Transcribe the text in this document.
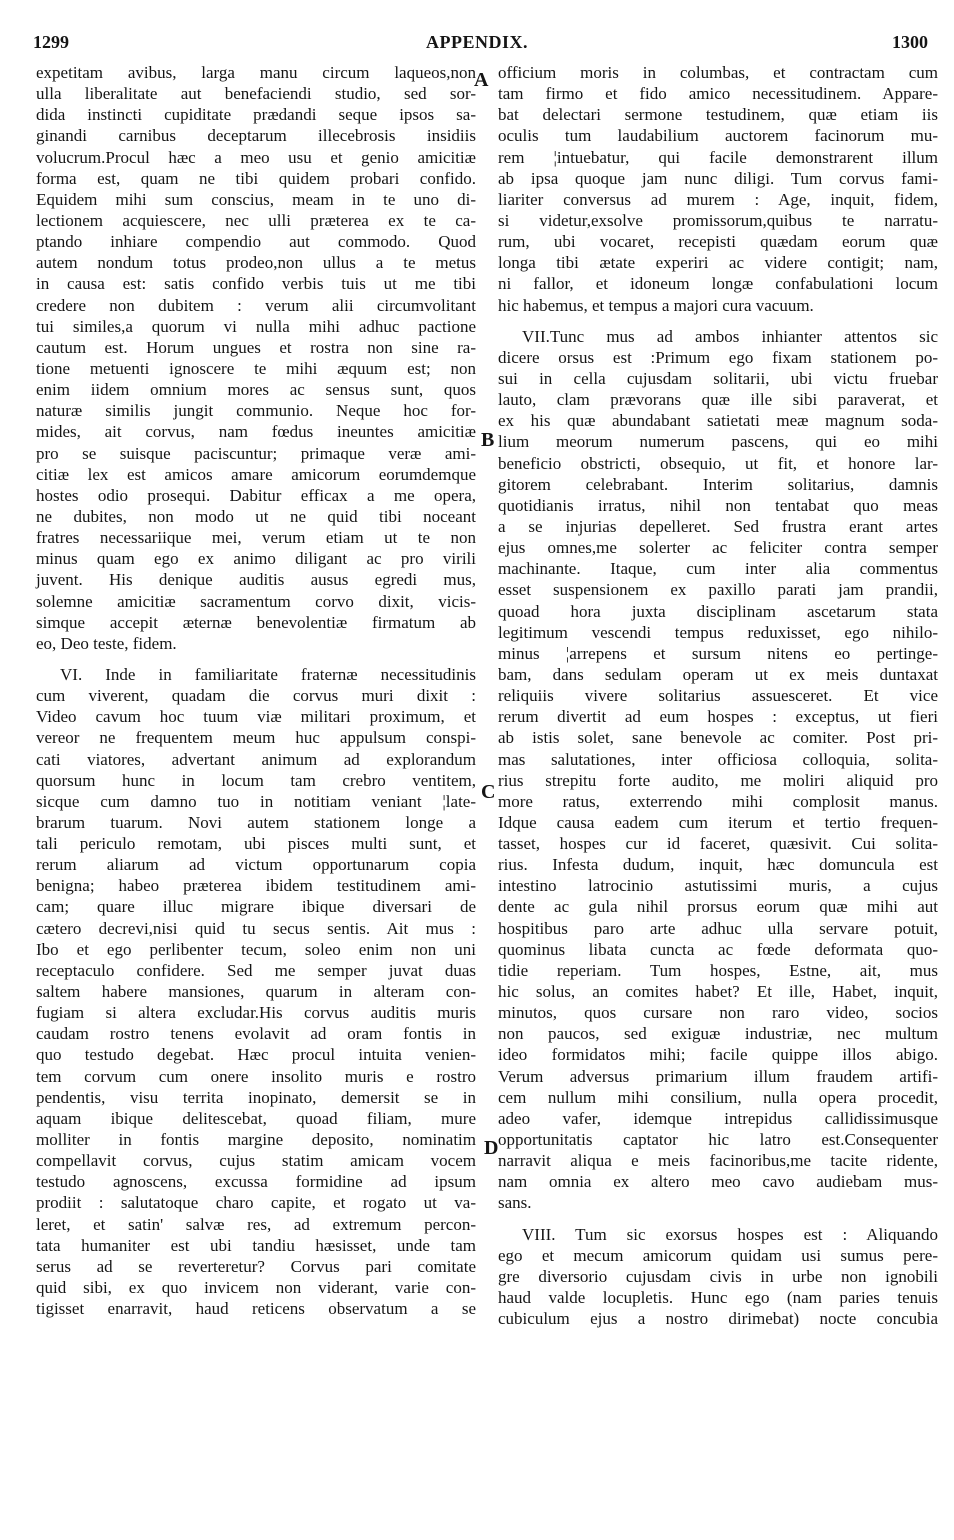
1299	APPENDIX.	1300
A
B
C
D
expetitam avibus, larga manu circum laqueos,non
ulla liberalitate aut benefaciendi studio, sed sor-
dida instincti cupiditate prædandi seque ipsos sa-
ginandi carnibus deceptarum illecebrosis insidiis
volucrum.Procul hæc a meo usu et genio amicitiæ
forma est, quam ne tibi quidem probari confido.
Equidem mihi sum conscius, meam in te uno di-
lectionem acquiescere, nec ulli præterea ex te ca-
ptando inhiare compendio aut commodo. Quod
autem nondum totus prodeo,non ullus a te metus
in causa est: satis confido verbis tuis ut me tibi
credere non dubitem : verum alii circumvolitant
tui similes,a quorum vi nulla mihi adhuc pactione
cautum est. Horum ungues et rostra non sine ra-
tione metuenti ignoscere te mihi æquum est; non
enim iidem omnium mores ac sensus sunt, quos
naturæ similis jungit communio. Neque hoc for-
mides, ait corvus, nam fœdus ineuntes amicitiæ
pro se suisque paciscuntur; primaque veræ ami-
citiæ lex est amicos amare amicorum eorumdemque
hostes odio prosequi. Dabitur efficax a me opera,
ne dubites, non modo ut ne quid tibi noceant
fratres necessariique mei, verum etiam ut te non
minus quam ego ex animo diligant ac pro virili
juvent. His denique auditis ausus egredi mus,
solemne amicitiæ sacramentum corvo dixit, vicis-
simque accepit æternæ benevolentiæ firmatum ab
eo, Deo teste, fidem.
VI. Inde in familiaritate fraternæ necessitudinis
cum viverent, quadam die corvus muri dixit :
Video cavum hoc tuum viæ militari proximum, et
vereor ne frequentem meum huc appulsum conspi-
cati viatores, advertant animum ad explorandum
quorsum hunc in locum tam crebro ventitem,
sicque cum damno tuo in notitiam veniant ¦late-
brarum tuarum. Novi autem stationem longe a
tali periculo remotam, ubi pisces multi sunt, et
rerum aliarum ad victum opportunarum copia
benigna; habeo præterea ibidem testitudinem ami-
cam; quare illuc migrare ibique diversari de
cætero decrevi,nisi quid tu secus sentis. Ait mus :
Ibo et ego perlibenter tecum, soleo enim non uni
receptaculo confidere. Sed me semper juvat duas
saltem habere mansiones, quarum in alteram con-
fugiam si altera excludar.His corvus auditis muris
caudam rostro tenens evolavit ad oram fontis in
quo testudo degebat. Hæc procul intuita venien-
tem corvum cum onere insolito muris e rostro
pendentis, visu territa inopinato, demersit se in
aquam ibique delitescebat, quoad filiam, mure
molliter in fontis margine deposito, nominatim
compellavit corvus, cujus statim amicam vocem
testudo agnoscens, excussa formidine ad ipsum
prodiit : salutatoque charo capite, et rogato ut va-
leret, et satin' salvæ res, ad extremum percon-
tata humaniter est ubi tandiu hæsisset, unde tam
serus ad se reverteretur? Corvus pari comitate
quid sibi, ex quo invicem non viderant, varie con-
tigisset enarravit, haud reticens observatum a se
officium moris in columbas, et contractam cum
tam firmo et fido amico necessitudinem. Appare-
bat delectari sermone testudinem, quæ etiam iis
oculis tum laudabilium auctorem facinorum mu-
rem ¦intuebatur, qui facile demonstrarent illum
ab ipsa quoque jam nunc diligi. Tum corvus fami-
liariter conversus ad murem : Age, inquit, fidem,
si videtur,exsolve promissorum,quibus te narratu-
rum, ubi vocaret, recepisti quædam eorum quæ
longa tibi ætate experiri ac videre contigit; nam,
ni fallor, et idoneum longæ confabulationi locum
hic habemus, et tempus a majori cura vacuum.
VII.Tunc mus ad ambos inhianter attentos sic
dicere orsus est :Primum ego fixam stationem po-
sui in cella cujusdam solitarii, ubi victu fruebar
lauto, clam prævorans quæ ille sibi paraverat, et
ex his quæ abundabant satietati meæ magnum soda-
lium meorum numerum pascens, qui eo mihi
beneficio obstricti, obsequio, ut fit, et honore lar-
gitorem celebrabant. Interim solitarius, damnis
quotidianis irratus, nihil non tentabat quo meas
a se injurias depelleret. Sed frustra erant artes
ejus omnes,me solerter ac feliciter contra semper
machinante. Itaque, cum inter alia commentus
esset suspensionem ex paxillo parati jam prandii,
quoad hora juxta disciplinam ascetarum stata
legitimum vescendi tempus reduxisset, ego nihilo-
minus ¦arrepens et sursum nitens eo pertinge-
bam, dans sedulam operam ut ex meis duntaxat
reliquiis vivere solitarius assuesceret. Et vice
rerum divertit ad eum hospes : exceptus, ut fieri
ab istis solet, sane benevole ac comiter. Post pri-
mas salutationes, inter officiosa colloquia, solita-
rius strepitu forte audito, me moliri aliquid pro
more ratus, exterrendo mihi complosit manus.
Idque causa eadem cum iterum et tertio frequen-
tasset, hospes cur id faceret, quæsivit. Cui solita-
rius. Infesta dudum, inquit, hæc domuncula est
intestino latrocinio astutissimi muris, a cujus
dente ac gula nihil prorsus eorum quæ mihi aut
hospitibus paro arte adhuc ulla servare potuit,
quominus libata cuncta ac fœde deformata quo-
tidie reperiam. Tum hospes, Estne, ait, mus
hic solus, an comites habet? Et ille, Habet, inquit,
minutos, quos cursare non raro video, socios
non paucos, sed exiguæ industriæ, nec multum
ideo formidatos mihi; facile quippe illos abigo.
Verum adversus primarium illum fraudem artifi-
cem nullum mihi consilium, nulla opera procedit,
adeo vafer, idemque intrepidus callidissimusque
opportunitatis captator hic latro est.Consequenter
narravit aliqua e meis facinoribus,me tacite ridente,
nam omnia ex altero meo cavo audiebam mus-
sans.
VIII. Tum sic exorsus hospes est : Aliquando
ego et mecum amicorum quidam usi sumus pere-
gre diversorio cujusdam civis in urbe non ignobili
haud valde locupletis. Hunc ego (nam paries tenuis
cubiculum ejus a nostro dirimebat) nocte concubia
